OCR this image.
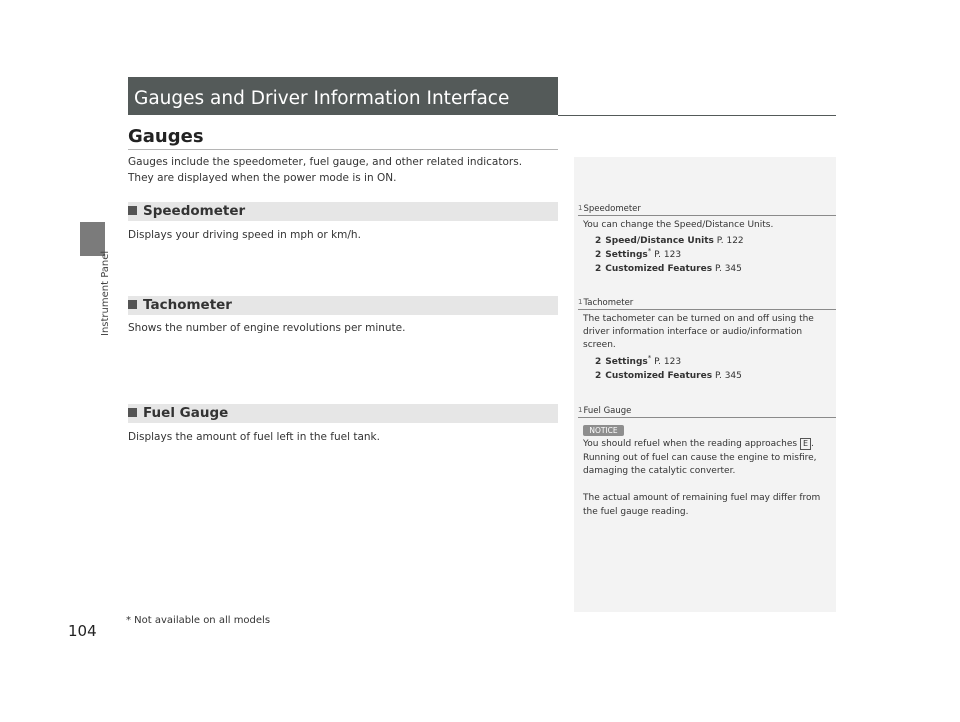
Instrument Panel
Gauges and Driver Information Interface
Gauges
Gauges include the speedometer, fuel gauge, and other related indicators.
They are displayed when the power mode is in ON.
Speedometer
Displays your driving speed in mph or km/h.
Tachometer
Shows the number of engine revolutions per minute.
Fuel Gauge
Displays the amount of fuel left in the fuel tank.
1Speedometer
You can change the Speed/Distance Units.
2 Speed/Distance Units P. 122
2 Settings* P. 123
2 Customized Features P. 345
1Tachometer
The tachometer can be turned on and off using the
driver information interface or audio/information
screen.
2 Settings* P. 123
2 Customized Features P. 345
1Fuel Gauge
NOTICE
You should refuel when the reading approaches E .
Running out of fuel can cause the engine to misfire,
damaging the catalytic converter.
The actual amount of remaining fuel may differ from
the fuel gauge reading.
104
* Not available on all models
